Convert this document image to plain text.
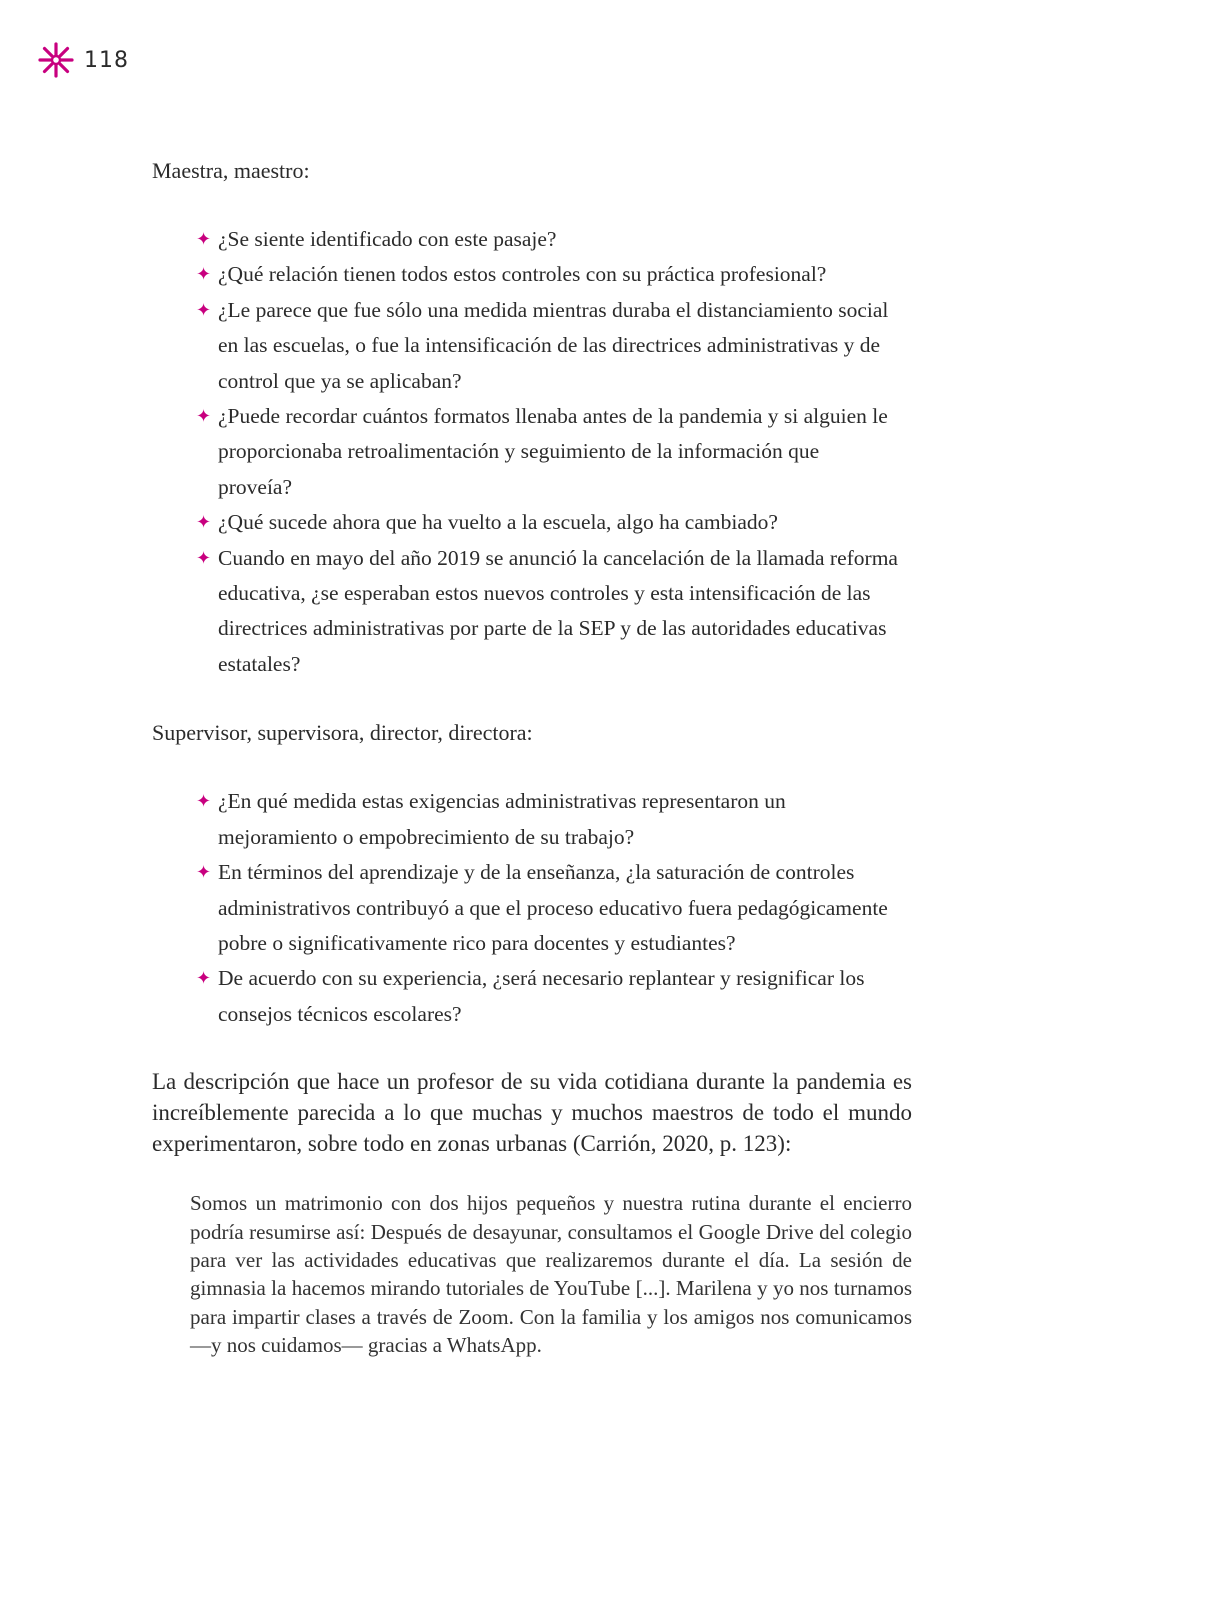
118

Maestra, maestro:

✦ ¿Se siente identificado con este pasaje?
✦ ¿Qué relación tienen todos estos controles con su práctica profesional?
✦ ¿Le parece que fue sólo una medida mientras duraba el distanciamiento social en las escuelas, o fue la intensificación de las directrices administrativas y de control que ya se aplicaban?
✦ ¿Puede recordar cuántos formatos llenaba antes de la pandemia y si alguien le proporcionaba retroalimentación y seguimiento de la información que proveía?
✦ ¿Qué sucede ahora que ha vuelto a la escuela, algo ha cambiado?
✦ Cuando en mayo del año 2019 se anunció la cancelación de la llamada reforma educativa, ¿se esperaban estos nuevos controles y esta intensificación de las directrices administrativas por parte de la SEP y de las autoridades educativas estatales?

Supervisor, supervisora, director, directora:

✦ ¿En qué medida estas exigencias administrativas representaron un mejoramiento o empobrecimiento de su trabajo?
✦ En términos del aprendizaje y de la enseñanza, ¿la saturación de controles administrativos contribuyó a que el proceso educativo fuera pedagógicamente pobre o significativamente rico para docentes y estudiantes?
✦ De acuerdo con su experiencia, ¿será necesario replantear y resignificar los consejos técnicos escolares?

La descripción que hace un profesor de su vida cotidiana durante la pandemia es increíblemente parecida a lo que muchas y muchos maestros de todo el mundo experimentaron, sobre todo en zonas urbanas (Carrión, 2020, p. 123):

Somos un matrimonio con dos hijos pequeños y nuestra rutina durante el encierro podría resumirse así: Después de desayunar, consultamos el Google Drive del colegio para ver las actividades educativas que realizaremos durante el día. La sesión de gimnasia la hacemos mirando tutoriales de YouTube [...]. Marilena y yo nos turnamos para impartir clases a través de Zoom. Con la familia y los amigos nos comunicamos —y nos cuidamos— gracias a WhatsApp.
